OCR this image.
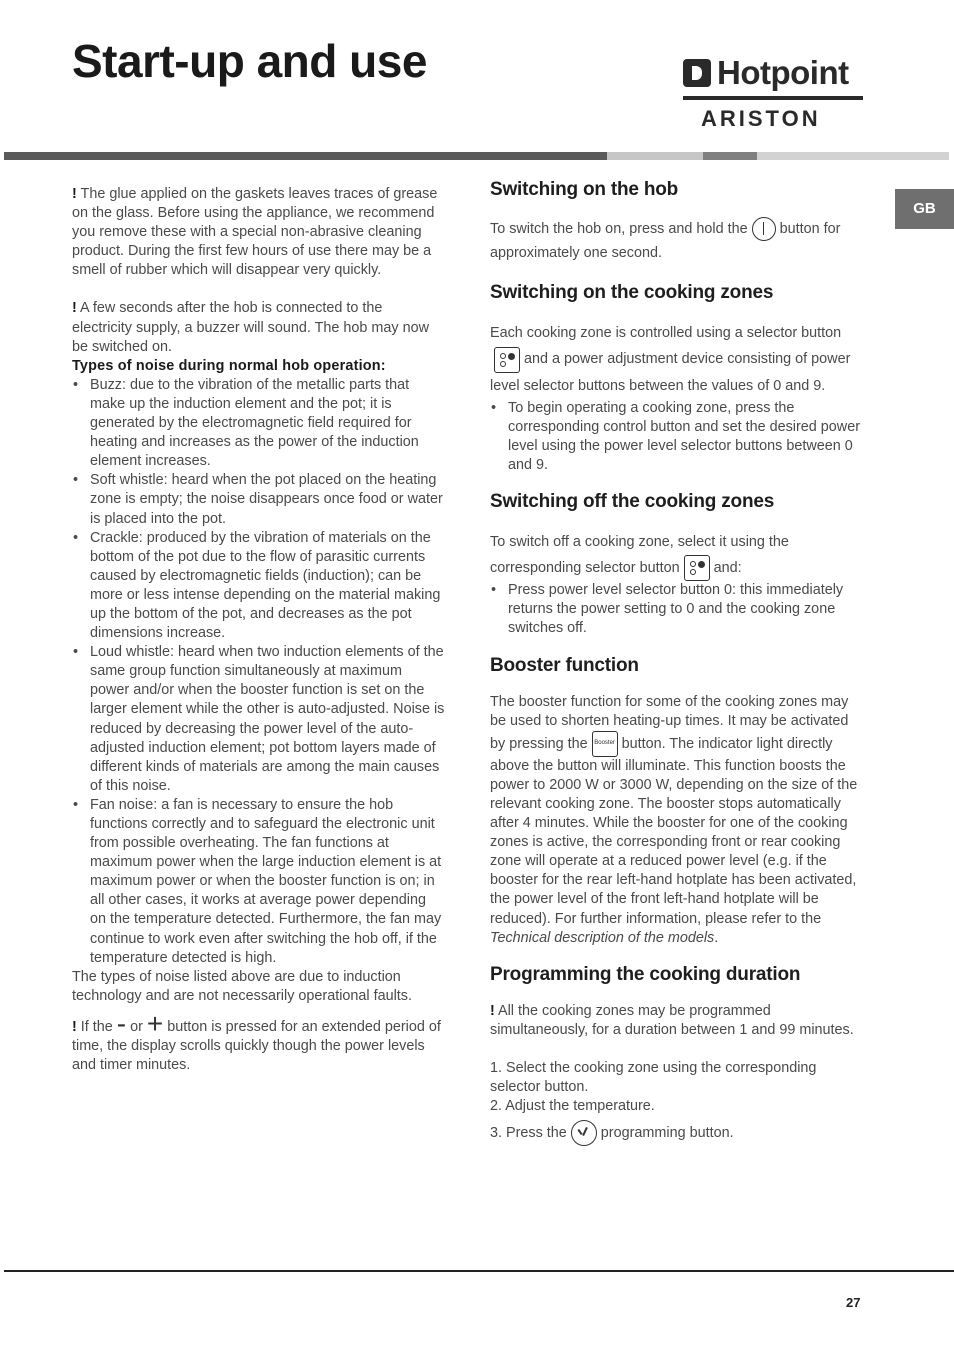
Start-up and use	Hotpoint
ARISTON
GB

! The glue applied on the gaskets leaves traces of grease on the glass. Before using the appliance, we recommend you remove these with a special non-abrasive cleaning product. During the first few hours of use there may be a smell of rubber which will disappear very quickly.

! A few seconds after the hob is connected to the electricity supply, a buzzer will sound. The hob may now be switched on.

Types of noise during normal hob operation:

• Buzz: due to the vibration of the metallic parts that make up the induction element and the pot; it is generated by the electromagnetic field required for heating and increases as the power of the induction element increases.
• Soft whistle: heard when the pot placed on the heating zone is empty; the noise disappears once food or water is placed into the pot.
• Crackle: produced by the vibration of materials on the bottom of the pot due to the flow of parasitic currents caused by electromagnetic fields (induction); can be more or less intense depending on the material making up the bottom of the pot, and decreases as the pot dimensions increase.
• Loud whistle: heard when two induction elements of the same group function simultaneously at maximum power and/or when the booster function is set on the larger element while the other is auto-adjusted. Noise is reduced by decreasing the power level of the auto-adjusted induction element; pot bottom layers made of different kinds of materials are among the main causes of this noise.
• Fan noise: a fan is necessary to ensure the hob functions correctly and to safeguard the electronic unit from possible overheating. The fan functions at maximum power when the large induction element is at maximum power or when the booster function is on; in all other cases, it works at average power depending on the temperature detected. Furthermore, the fan may continue to work even after switching the hob off, if the temperature detected is high.

The types of noise listed above are due to induction technology and are not necessarily operational faults.

! If the - or + button is pressed for an extended period of time, the display scrolls quickly though the power levels and timer minutes.

Switching on the hob

To switch the hob on, press and hold the button for approximately one second.

Switching on the cooking zones

Each cooking zone is controlled using a selector button
and a power adjustment device consisting of power level selector buttons between the values of 0 and 9.

• To begin operating a cooking zone, press the corresponding control button and set the desired power level using the power level selector buttons between 0 and 9.
Switching off the cooking zones

To switch off a cooking zone, select it using the corresponding selector button and:

• Press power level selector button 0: this immediately returns the power setting to 0 and the cooking zone switches off.
Booster function

The booster function for some of the cooking zones may be used to shorten heating-up times. It may be activated by pressing the Booster button. The indicator light directly above the button will illuminate. This function boosts the power to 2000 W or 3000 W, depending on the size of the relevant cooking zone. The booster stops automatically after 4 minutes. While the booster for one of the cooking zones is active, the corresponding front or rear cooking zone will operate at a reduced power level (e.g. if the booster for the rear left-hand hotplate has been activated, the power level of the front left-hand hotplate will be reduced). For further information, please refer to the Technical description of the models.

Programming the cooking duration

! All the cooking zones may be programmed simultaneously, for a duration between 1 and 99 minutes.

1. Select the cooking zone using the corresponding selector button.

2. Adjust the temperature.

3. Press the programming button.

27
